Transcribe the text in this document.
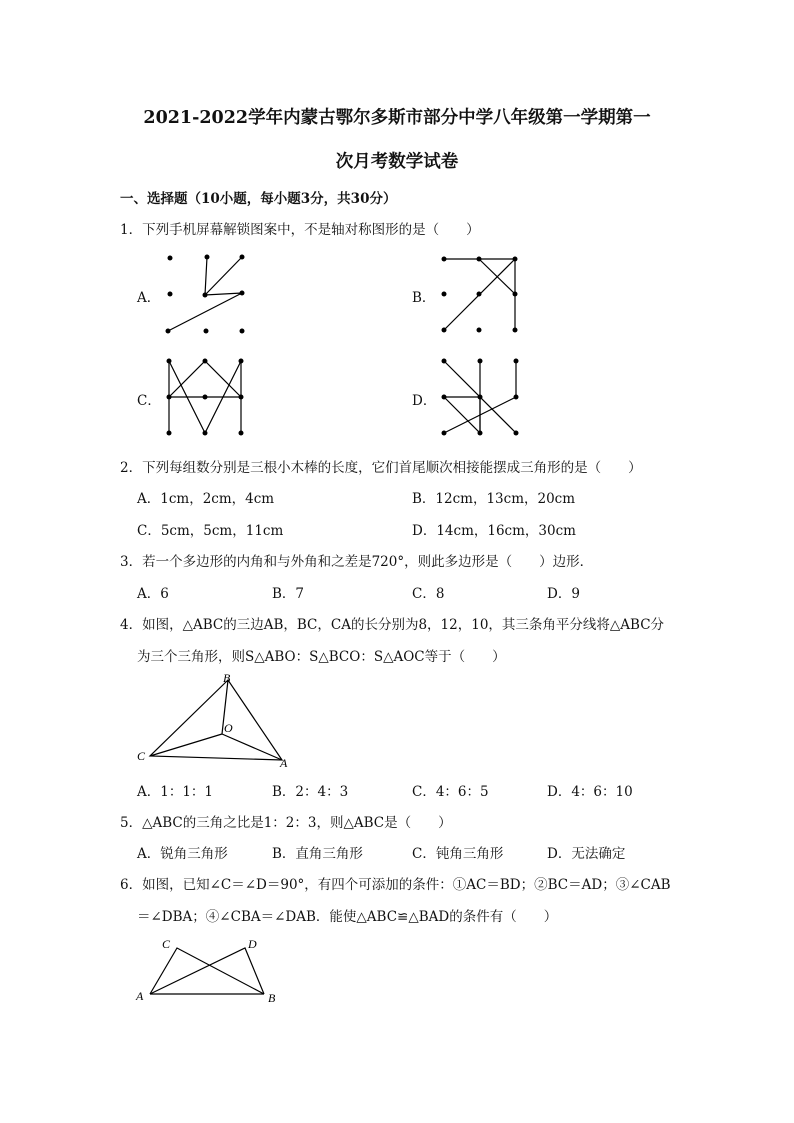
2021-2022学年内蒙古鄂尔多斯市部分中学八年级第一学期第一
次月考数学试卷
一、选择题（10小题，每小题3分，共30分）
1．下列手机屏幕解锁图案中，不是轴对称图形的是（　　）
A．	B．
C．	D．
2．下列每组数分别是三根小木棒的长度，它们首尾顺次相接能摆成三角形的是（　　）
A．1cm，2cm，4cm	B．12cm，13cm，20cm
C．5cm，5cm，11cm	D．14cm，16cm，30cm
3．若一个多边形的内角和与外角和之差是720°，则此多边形是（　　）边形．
A．6	B．7	C．8	D．9
4．如图，△ABC的三边AB，BC，CA的长分别为8，12，10，其三条角平分线将△ABC分
为三个三角形，则S△ABO：S△BCO：S△AOC等于（　　）
B
O
C	A
A．1：1：1	B．2：4：3	C．4：6：5	D．4：6：10
5．△ABC的三角之比是1：2：3，则△ABC是（　　）
A．锐角三角形	B．直角三角形	C．钝角三角形	D．无法确定
6．如图，已知∠C＝∠D＝90°，有四个可添加的条件：①AC＝BD；②BC＝AD；③∠CAB
＝∠DBA；④∠CBA＝∠DAB．能使△ABC≌△BAD的条件有（　　）
C	D
A	B
